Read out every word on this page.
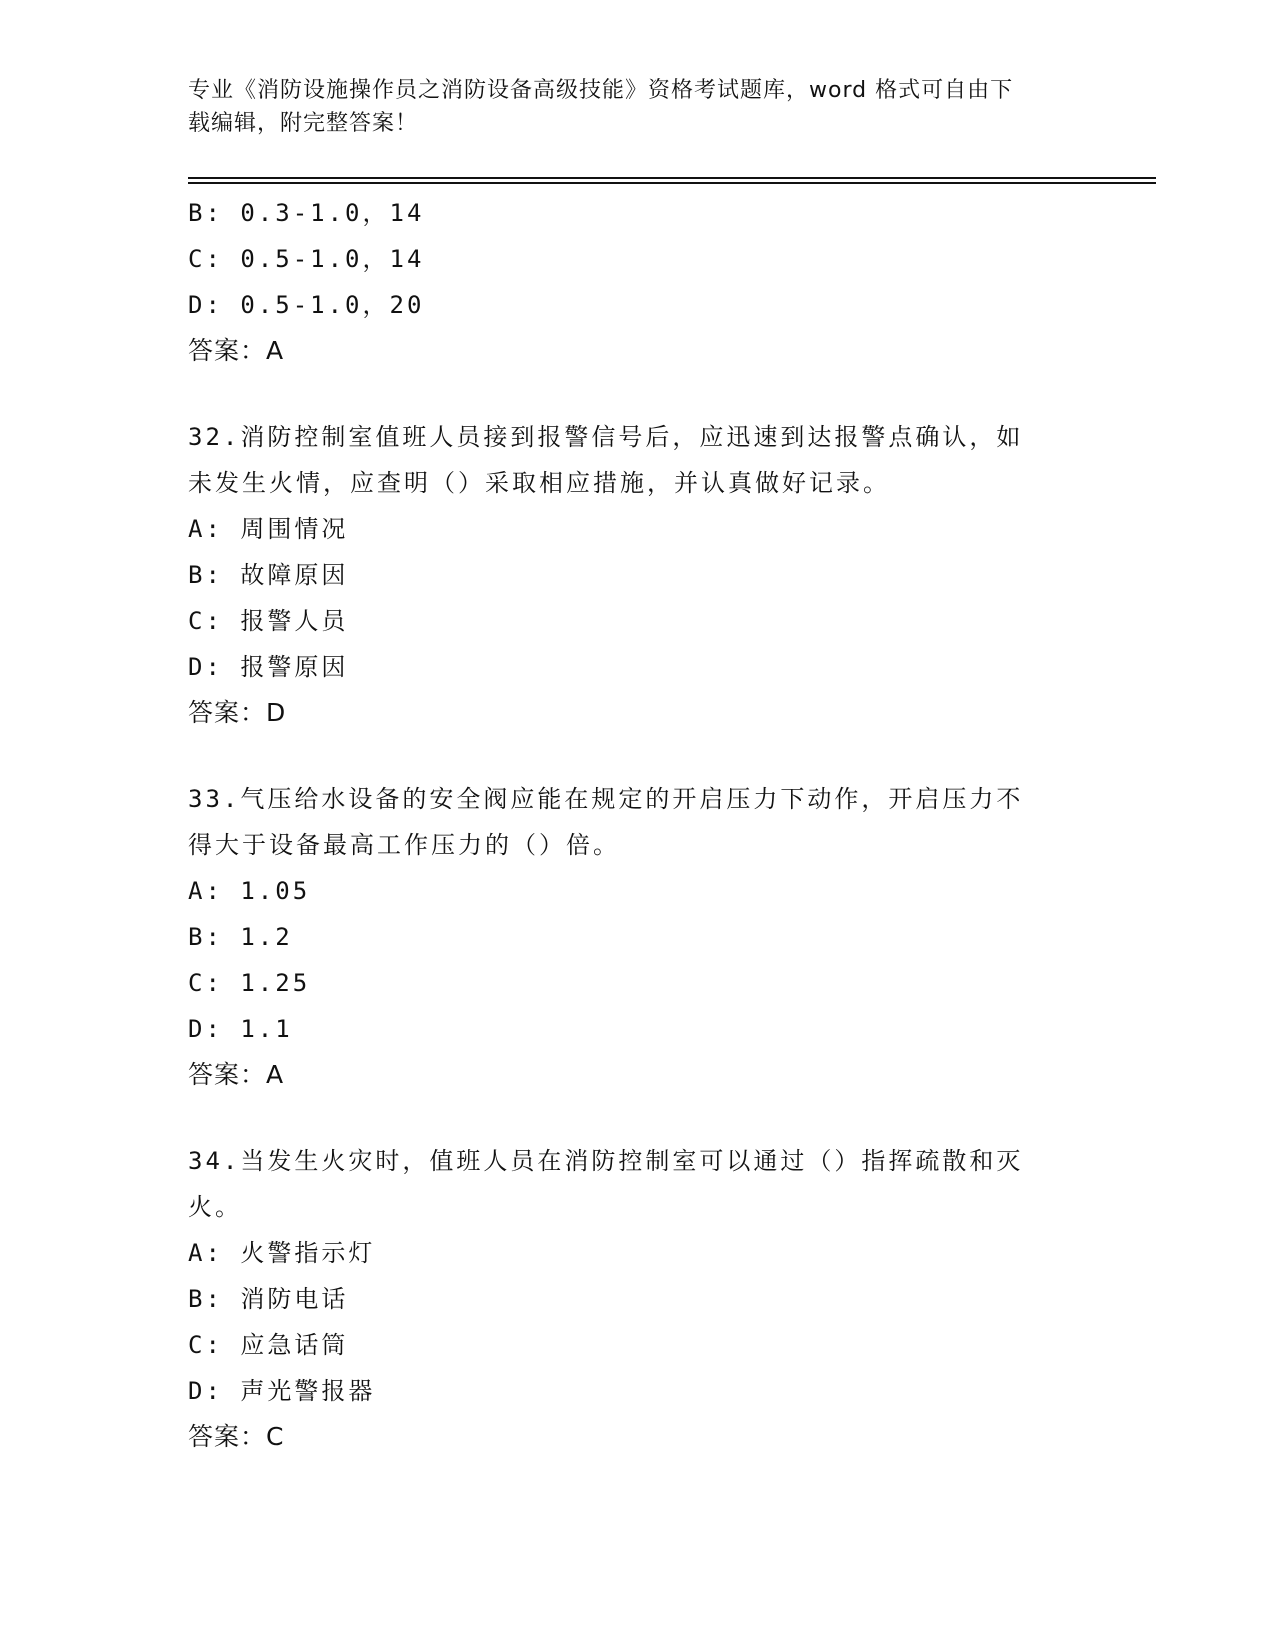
专业《消防设施操作员之消防设备高级技能》资格考试题库，word 格式可自由下
载编辑，附完整答案！
B: 0.3-1.0，14
C: 0.5-1.0，14
D: 0.5-1.0，20
答案：A
32.消防控制室值班人员接到报警信号后，应迅速到达报警点确认，如
未发生火情，应查明（）采取相应措施，并认真做好记录。
A: 周围情况
B: 故障原因
C: 报警人员
D: 报警原因
答案：D
33.气压给水设备的安全阀应能在规定的开启压力下动作，开启压力不
得大于设备最高工作压力的（）倍。
A: 1.05
B: 1.2
C: 1.25
D: 1.1
答案：A
34.当发生火灾时，值班人员在消防控制室可以通过（）指挥疏散和灭
火。
A: 火警指示灯
B: 消防电话
C: 应急话筒
D: 声光警报器
答案：C
